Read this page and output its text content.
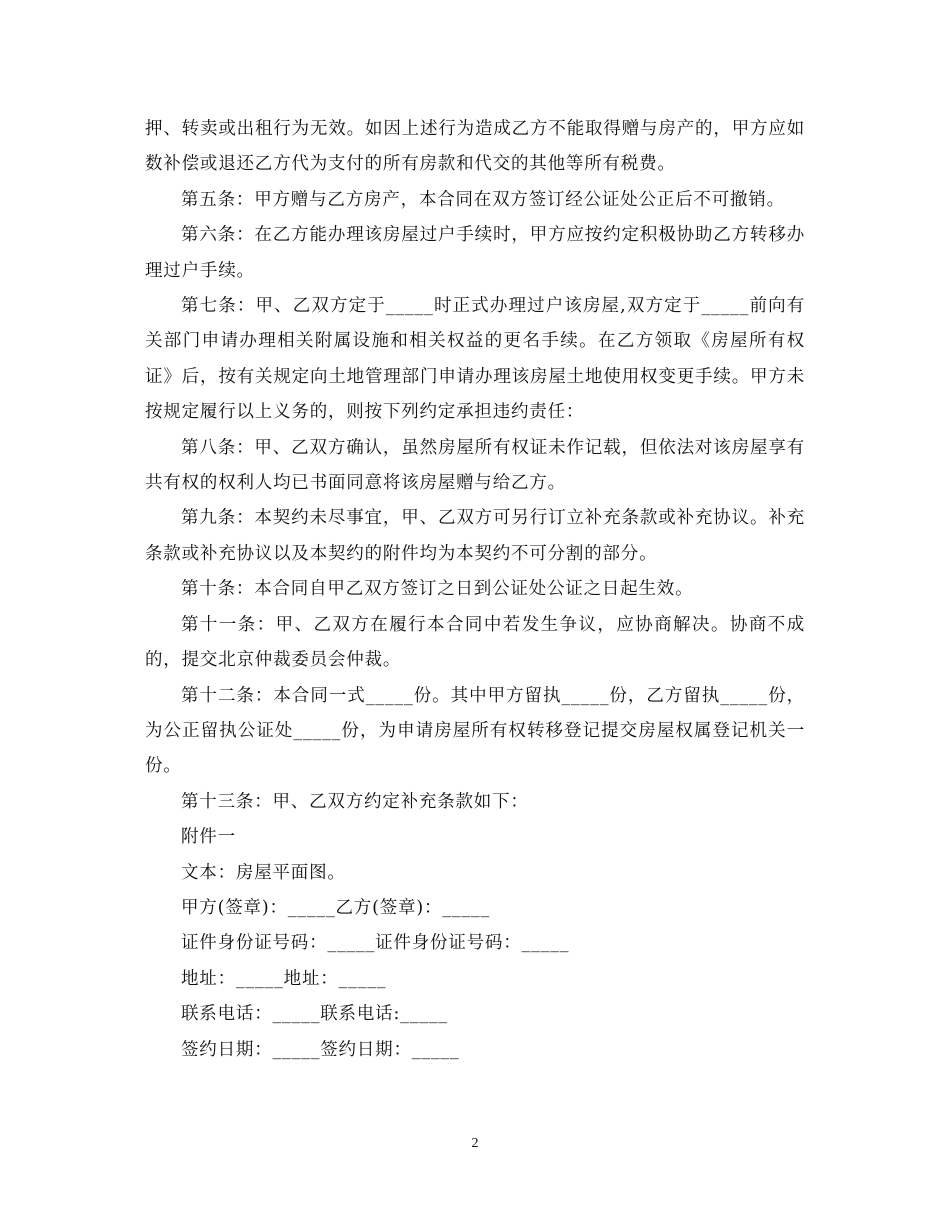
押、转卖或出租行为无效。如因上述行为造成乙方不能取得赠与房产的，甲方应如数补偿或退还乙方代为支付的所有房款和代交的其他等所有税费。

第五条：甲方赠与乙方房产，本合同在双方签订经公证处公正后不可撤销。

第六条：在乙方能办理该房屋过户手续时，甲方应按约定积极协助乙方转移办理过户手续。

第七条：甲、乙双方定于_____时正式办理过户该房屋,双方定于_____前向有关部门申请办理相关附属设施和相关权益的更名手续。在乙方领取《房屋所有权证》后，按有关规定向土地管理部门申请办理该房屋土地使用权变更手续。甲方未按规定履行以上义务的，则按下列约定承担违约责任：

第八条：甲、乙双方确认，虽然房屋所有权证未作记载，但依法对该房屋享有共有权的权利人均已书面同意将该房屋赠与给乙方。

第九条：本契约未尽事宜，甲、乙双方可另行订立补充条款或补充协议。补充条款或补充协议以及本契约的附件均为本契约不可分割的部分。

第十条：本合同自甲乙双方签订之日到公证处公证之日起生效。

第十一条：甲、乙双方在履行本合同中若发生争议，应协商解决。协商不成的，提交北京仲裁委员会仲裁。

第十二条：本合同一式_____份。其中甲方留执_____份，乙方留执_____份，为公正留执公证处_____份，为申请房屋所有权转移登记提交房屋权属登记机关一份。

第十三条：甲、乙双方约定补充条款如下：

附件一

文本：房屋平面图。

甲方(签章)：_____乙方(签章)：_____

证件身份证号码：_____证件身份证号码：_____

地址：_____地址：_____

联系电话：_____联系电话:_____

签约日期：_____签约日期：_____

2
